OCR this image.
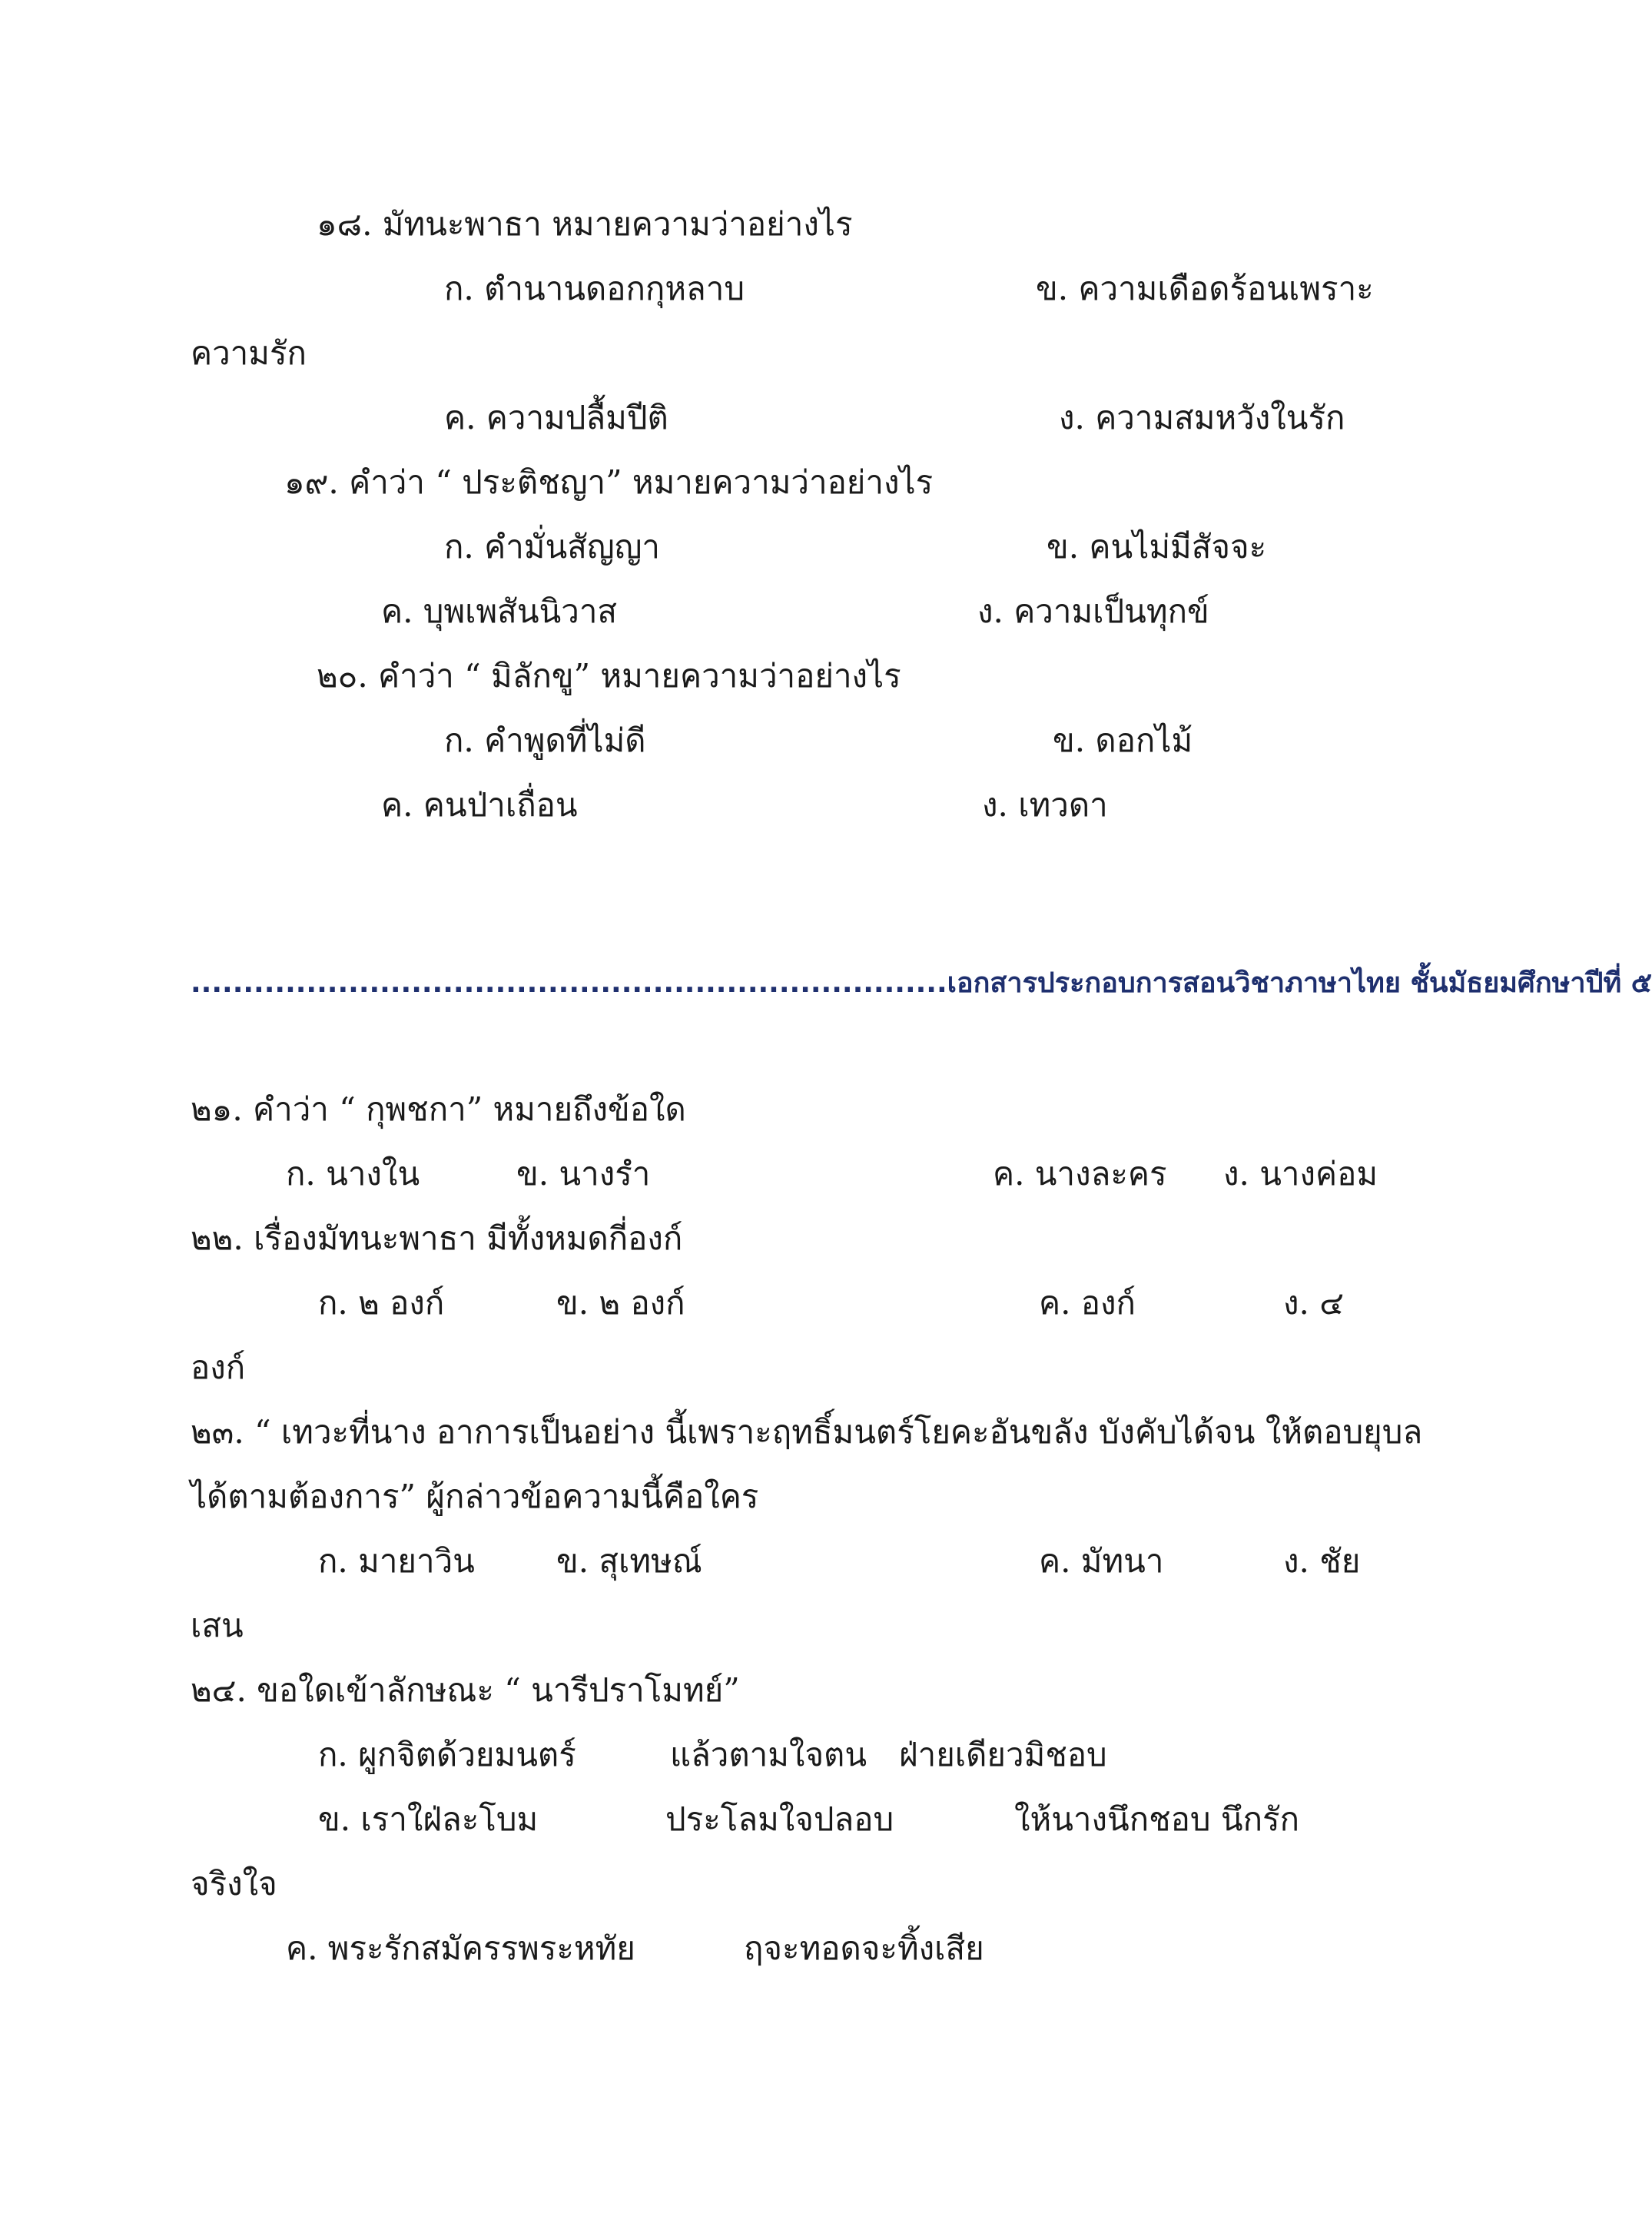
๑๘. มัทนะพาธา หมายความว่าอย่างไร
ก. ตำนานดอกกุหลาบ	ข. ความเดือดร้อนเพราะ
ความรัก
ค. ความปลื้มปีติ	ง. ความสมหวังในรัก
๑๙. คำว่า “ ประติชญา” หมายความว่าอย่างไร
ก. คำมั่นสัญญา	ข. คนไม่มีสัจจะ
ค. บุพเพสันนิวาส	ง. ความเป็นทุกข์
๒๐. คำว่า “ มิลักขู” หมายความว่าอย่างไร
ก. คำพูดที่ไม่ดี	ข. ดอกไม้
ค. คนป่าเถื่อน	ง. เทวดา
........................................................................เอกสารประกอบการสอนวิชาภาษาไทย ชั้นมัธยมศึกษาปีที่ ๕
๒๑. คำว่า “ กุพชกา” หมายถึงข้อใด
ก. นางใน	ข. นางรำ	ค. นางละคร ง. นางค่อม
๒๒. เรื่องมัทนะพาธา มีทั้งหมดกี่องก์
ก. ๒ องก์	ข. ๒ องก์	ค. องก์	ง. ๔
องก์
๒๓. “ เทวะที่นาง อาการเป็นอย่าง นี้เพราะฤทธิ์มนตร์โยคะอันขลัง บังคับได้จน ให้ตอบยุบล
ได้ตามต้องการ” ผู้กล่าวข้อความนี้คือใคร
ก. มายาวิน	ข. สุเทษณ์	ค. มัทนา	ง. ชัย
เสน
๒๔. ขอใดเข้าลักษณะ “ นารีปราโมทย์”
ก. ผูกจิตด้วยมนตร์	แล้วตามใจตน ฝ่ายเดียวมิชอบ
ข. เราใฝ่ละโบม	ประโลมใจปลอบ	ให้นางนึกชอบ นึกรัก
จริงใจ
ค. พระรักสมัครรพระหทัย	ฤจะทอดจะทิ้งเสีย
